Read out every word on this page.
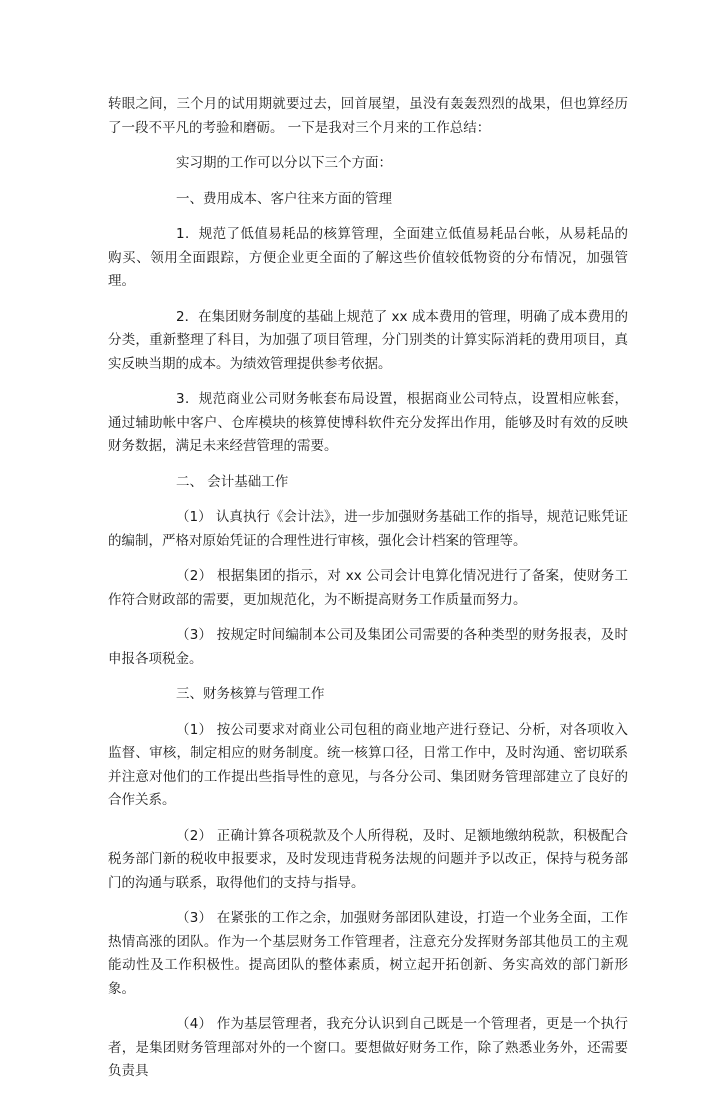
转眼之间，三个月的试用期就要过去，回首展望，虽没有轰轰烈烈的战果，但也算经历了一段不平凡的考验和磨砺。 一下是我对三个月来的工作总结：

实习期的工作可以分以下三个方面：

一、费用成本、客户往来方面的管理

1．规范了低值易耗品的核算管理，全面建立低值易耗品台帐，从易耗品的购买、领用全面跟踪，方便企业更全面的了解这些价值较低物资的分布情况，加强管理。

2．在集团财务制度的基础上规范了 xx 成本费用的管理，明确了成本费用的分类，重新整理了科目，为加强了项目管理，分门别类的计算实际消耗的费用项目，真实反映当期的成本。为绩效管理提供参考依据。

3．规范商业公司财务帐套布局设置，根据商业公司特点，设置相应帐套，通过辅助帐中客户、仓库模块的核算使博科软件充分发挥出作用，能够及时有效的反映财务数据，满足未来经营管理的需要。

二、 会计基础工作

（1） 认真执行《会计法》，进一步加强财务基础工作的指导，规范记账凭证的编制，严格对原始凭证的合理性进行审核，强化会计档案的管理等。

（2） 根据集团的指示，对 xx 公司会计电算化情况进行了备案，使财务工作符合财政部的需要，更加规范化，为不断提高财务工作质量而努力。

（3） 按规定时间编制本公司及集团公司需要的各种类型的财务报表，及时申报各项税金。

三、财务核算与管理工作

（1） 按公司要求对商业公司包租的商业地产进行登记、分析，对各项收入监督、审核，制定相应的财务制度。统一核算口径，日常工作中，及时沟通、密切联系并注意对他们的工作提出些指导性的意见，与各分公司、集团财务管理部建立了良好的合作关系。

（2） 正确计算各项税款及个人所得税，及时、足额地缴纳税款，积极配合税务部门新的税收申报要求，及时发现违背税务法规的问题并予以改正，保持与税务部门的沟通与联系，取得他们的支持与指导。

（3） 在紧张的工作之余，加强财务部团队建设，打造一个业务全面，工作热情高涨的团队。作为一个基层财务工作管理者，注意充分发挥财务部其他员工的主观能动性及工作积极性。提高团队的整体素质，树立起开拓创新、务实高效的部门新形象。

（4） 作为基层管理者，我充分认识到自己既是一个管理者，更是一个执行者，是集团财务管理部对外的一个窗口。要想做好财务工作，除了熟悉业务外，还需要负责具
